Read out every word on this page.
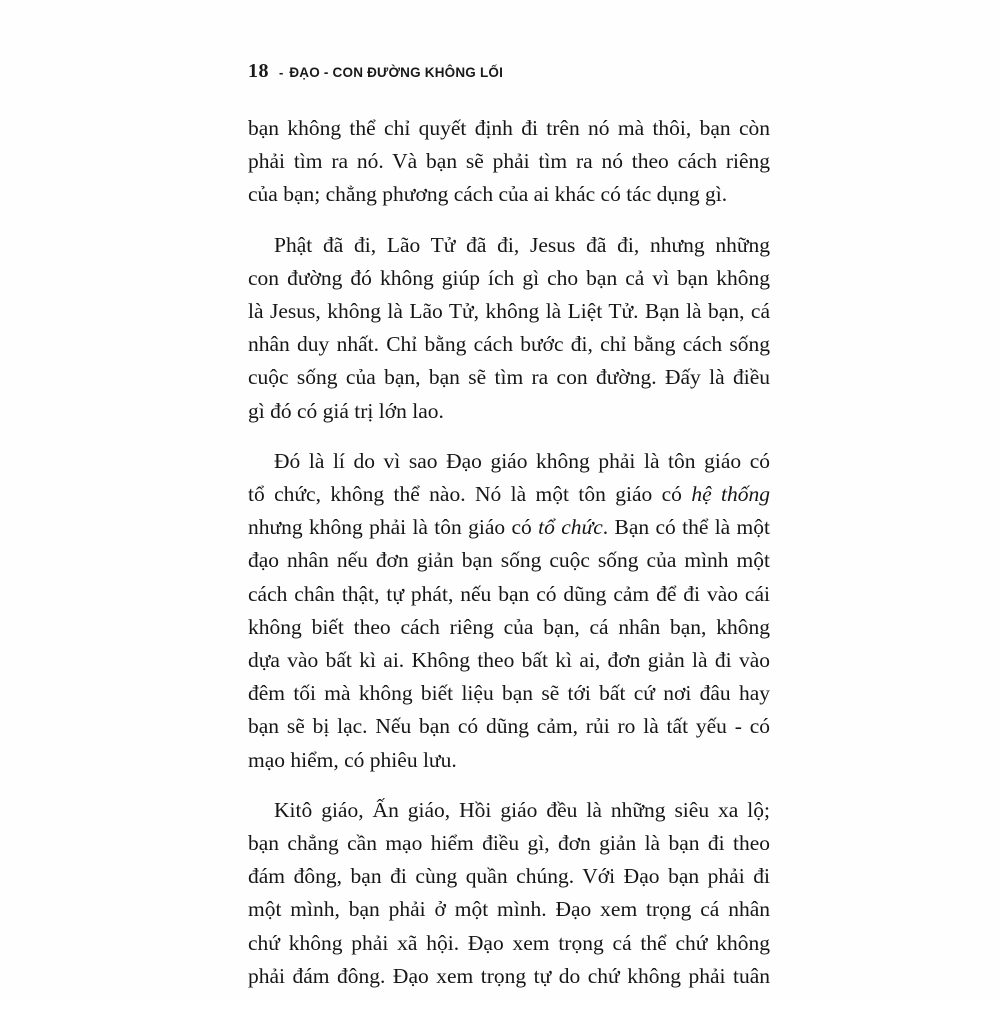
18 - ĐẠO - CON ĐƯỜNG KHÔNG LỐI

bạn không thể chỉ quyết định đi trên nó mà thôi, bạn còn
phải tìm ra nó. Và bạn sẽ phải tìm ra nó theo cách riêng
của bạn; chẳng phương cách của ai khác có tác dụng gì.

Phật đã đi, Lão Tử đã đi, Jesus đã đi, nhưng những
con đường đó không giúp ích gì cho bạn cả vì bạn không
là Jesus, không là Lão Tử, không là Liệt Tử. Bạn là bạn, cá
nhân duy nhất. Chỉ bằng cách bước đi, chỉ bằng cách sống
cuộc sống của bạn, bạn sẽ tìm ra con đường. Đấy là điều
gì đó có giá trị lớn lao.

Đó là lí do vì sao Đạo giáo không phải là tôn giáo có
tổ chức, không thể nào. Nó là một tôn giáo có hệ thống
nhưng không phải là tôn giáo có tổ chức. Bạn có thể là một
đạo nhân nếu đơn giản bạn sống cuộc sống của mình một
cách chân thật, tự phát, nếu bạn có dũng cảm để đi vào cái
không biết theo cách riêng của bạn, cá nhân bạn, không
dựa vào bất kì ai. Không theo bất kì ai, đơn giản là đi vào
đêm tối mà không biết liệu bạn sẽ tới bất cứ nơi đâu hay
bạn sẽ bị lạc. Nếu bạn có dũng cảm, rủi ro là tất yếu - có
mạo hiểm, có phiêu lưu.

Kitô giáo, Ấn giáo, Hồi giáo đều là những siêu xa lộ;
bạn chẳng cần mạo hiểm điều gì, đơn giản là bạn đi theo
đám đông, bạn đi cùng quần chúng. Với Đạo bạn phải đi
một mình, bạn phải ở một mình. Đạo xem trọng cá nhân
chứ không phải xã hội. Đạo xem trọng cá thể chứ không
phải đám đông. Đạo xem trọng tự do chứ không phải tuân
